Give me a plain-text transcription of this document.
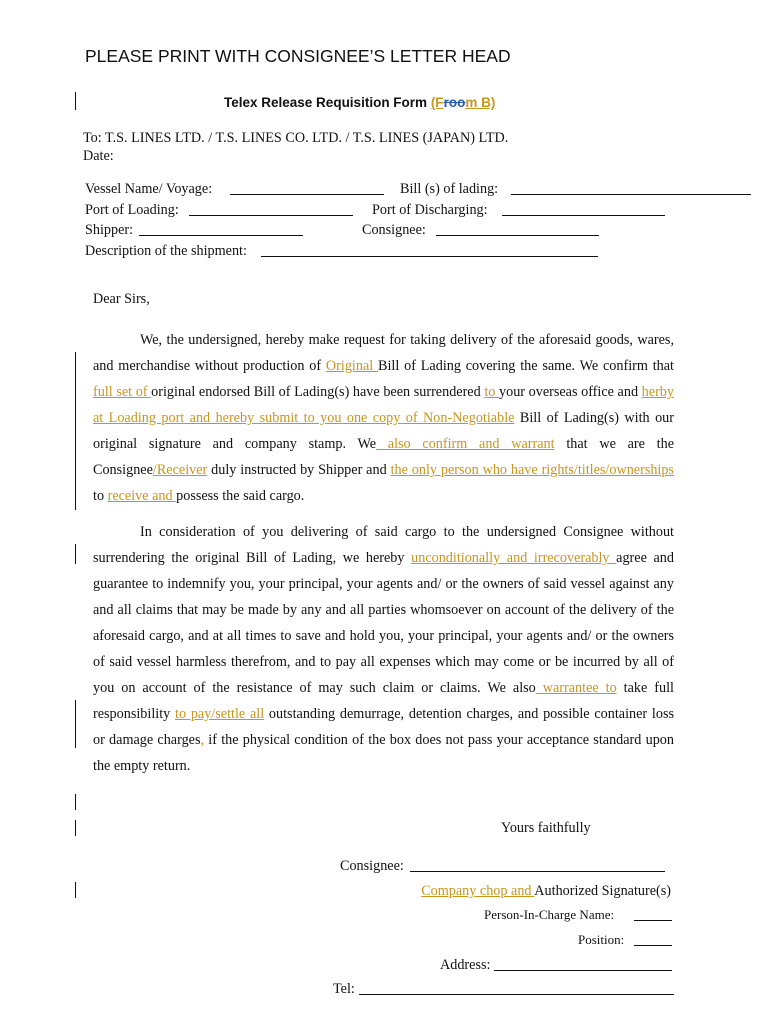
PLEASE PRINT WITH CONSIGNEE’S LETTER HEAD
Telex Release Requisition Form (Froom B)
To: T.S. LINES LTD. / T.S. LINES CO. LTD. / T.S. LINES (JAPAN) LTD.
Date:
Vessel Name/ Voyage:	Bill (s) of lading:
Port of Loading:	Port of Discharging:
Shipper:	Consignee:
Description of the shipment:
Dear Sirs,

We, the undersigned, hereby make request for taking delivery of the aforesaid goods, wares, and merchandise without production of Original Bill of Lading covering the same. We confirm that full set of original endorsed Bill of Lading(s) have been surrendered to your overseas office and herby at Loading port and hereby submit to you one copy of Non-Negotiable Bill of Lading(s) with our original signature and company stamp. We also confirm and warrant that we are the Consignee/Receiver duly instructed by Shipper and the only person who have rights/titles/ownerships to receive and possess the said cargo.

In consideration of you delivering of said cargo to the undersigned Consignee without surrendering the original Bill of Lading, we hereby unconditionally and irrecoverably agree and guarantee to indemnify you, your principal, your agents and/ or the owners of said vessel against any and all claims that may be made by any and all parties whomsoever on account of the delivery of the aforesaid cargo, and at all times to save and hold you, your principal, your agents and/ or the owners of said vessel harmless therefrom, and to pay all expenses which may come or be incurred by all of you on account of the resistance of may such claim or claims. We also warrantee to take full responsibility to pay/settle all outstanding demurrage, detention charges, and possible container loss or damage charges, if the physical condition of the box does not pass your acceptance standard upon the empty return.

Yours faithfully
Consignee:
Company chop and Authorized Signature(s)
Person-In-Charge Name:
Position:
Address:
Tel:
